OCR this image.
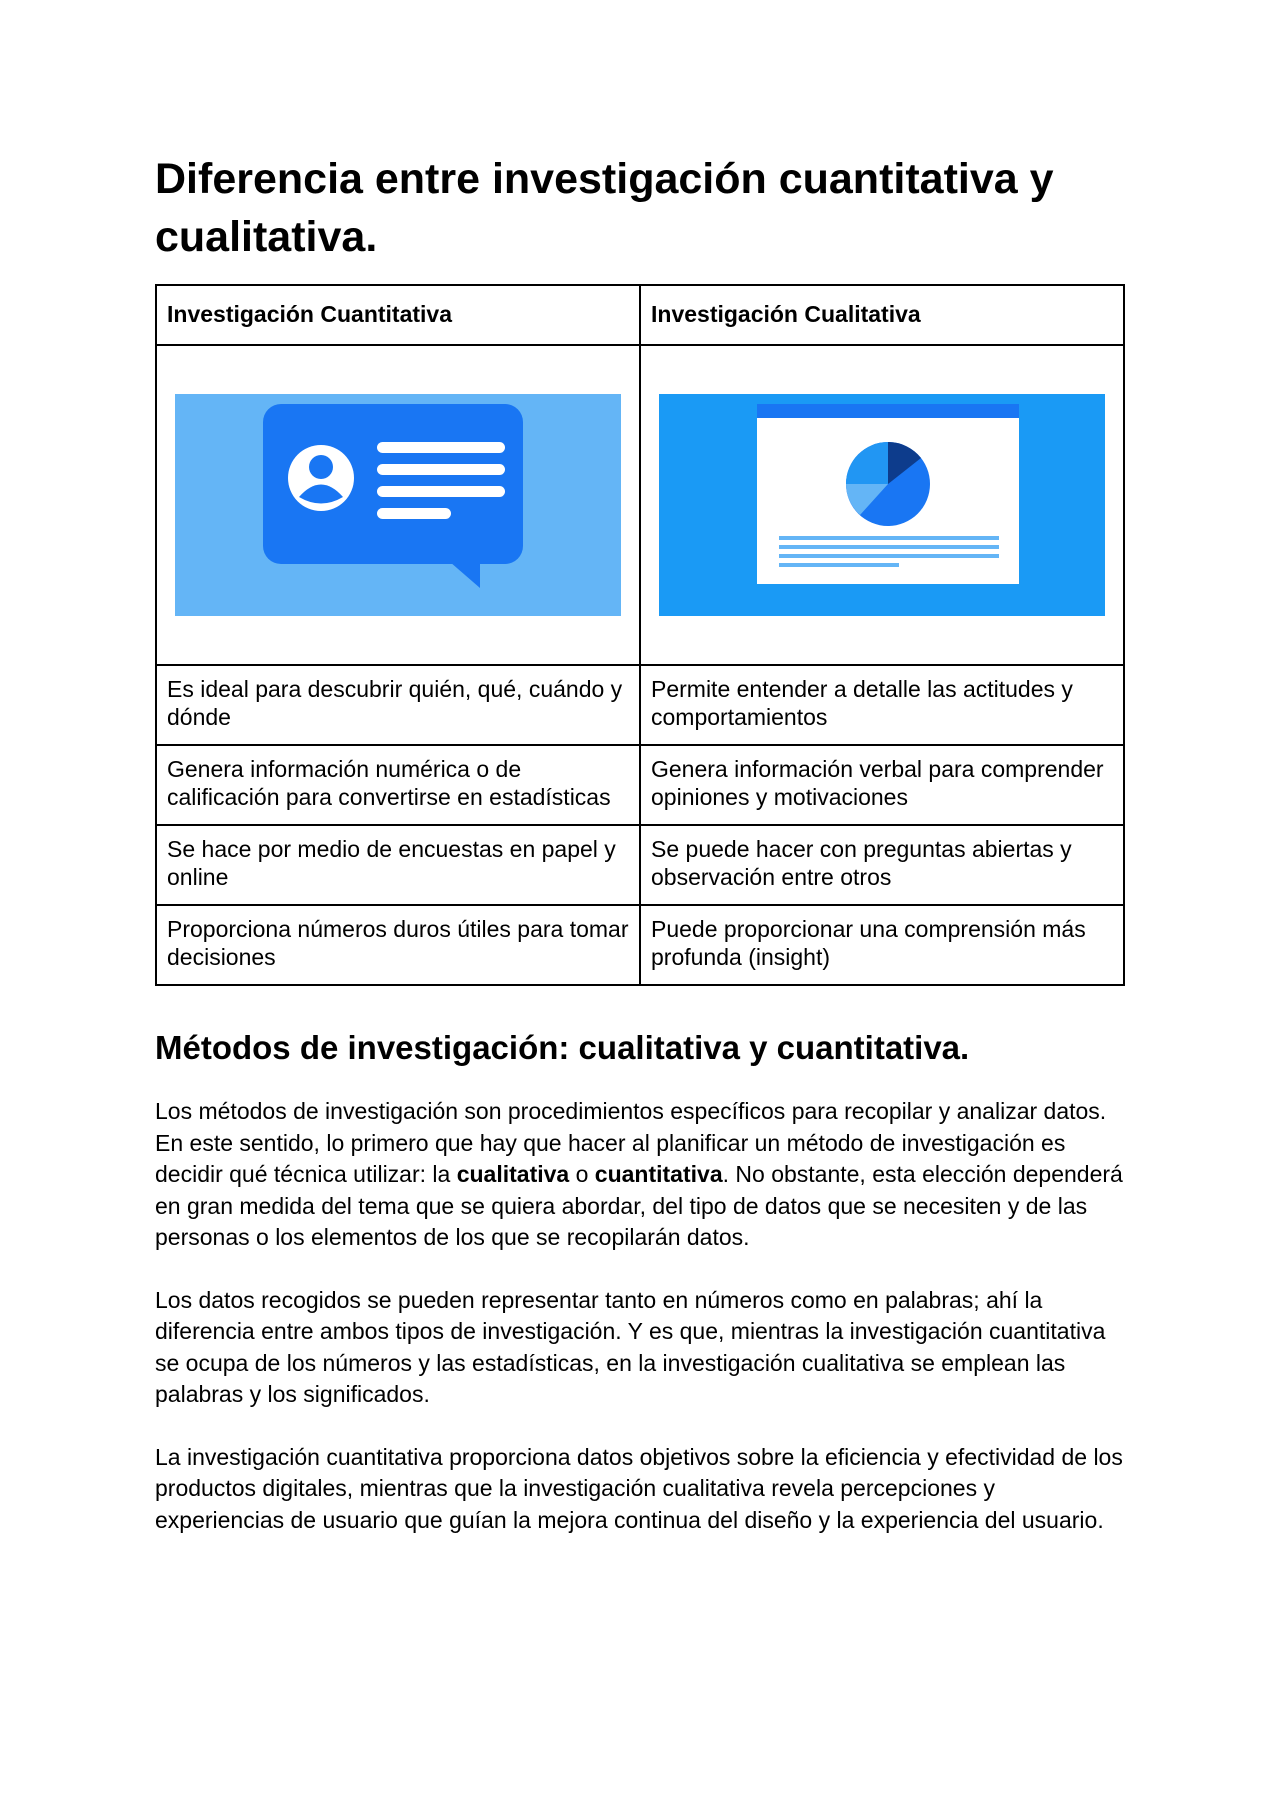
Diferencia entre investigación cuantitativa y cualitativa.
Investigación Cuantitativa	Investigación Cualitativa

Es ideal para descubrir quién, qué, cuándo y dónde	Permite entender a detalle las actitudes y comportamientos
Genera información numérica o de calificación para convertirse en estadísticas	Genera información verbal para comprender opiniones y motivaciones
Se hace por medio de encuestas en papel y online	Se puede hacer con preguntas abiertas y observación entre otros
Proporciona números duros útiles para tomar decisiones	Puede proporcionar una comprensión más profunda (insight)
Métodos de investigación: cualitativa y cuantitativa.

Los métodos de investigación son procedimientos específicos para recopilar y analizar datos. En este sentido, lo primero que hay que hacer al planificar un método de investigación es decidir qué técnica utilizar: la cualitativa o cuantitativa. No obstante, esta elección dependerá en gran medida del tema que se quiera abordar, del tipo de datos que se necesiten y de las personas o los elementos de los que se recopilarán datos.

Los datos recogidos se pueden representar tanto en números como en palabras; ahí la diferencia entre ambos tipos de investigación. Y es que, mientras la investigación cuantitativa se ocupa de los números y las estadísticas, en la investigación cualitativa se emplean las palabras y los significados.

La investigación cuantitativa proporciona datos objetivos sobre la eficiencia y efectividad de los productos digitales, mientras que la investigación cualitativa revela percepciones y experiencias de usuario que guían la mejora continua del diseño y la experiencia del usuario.
